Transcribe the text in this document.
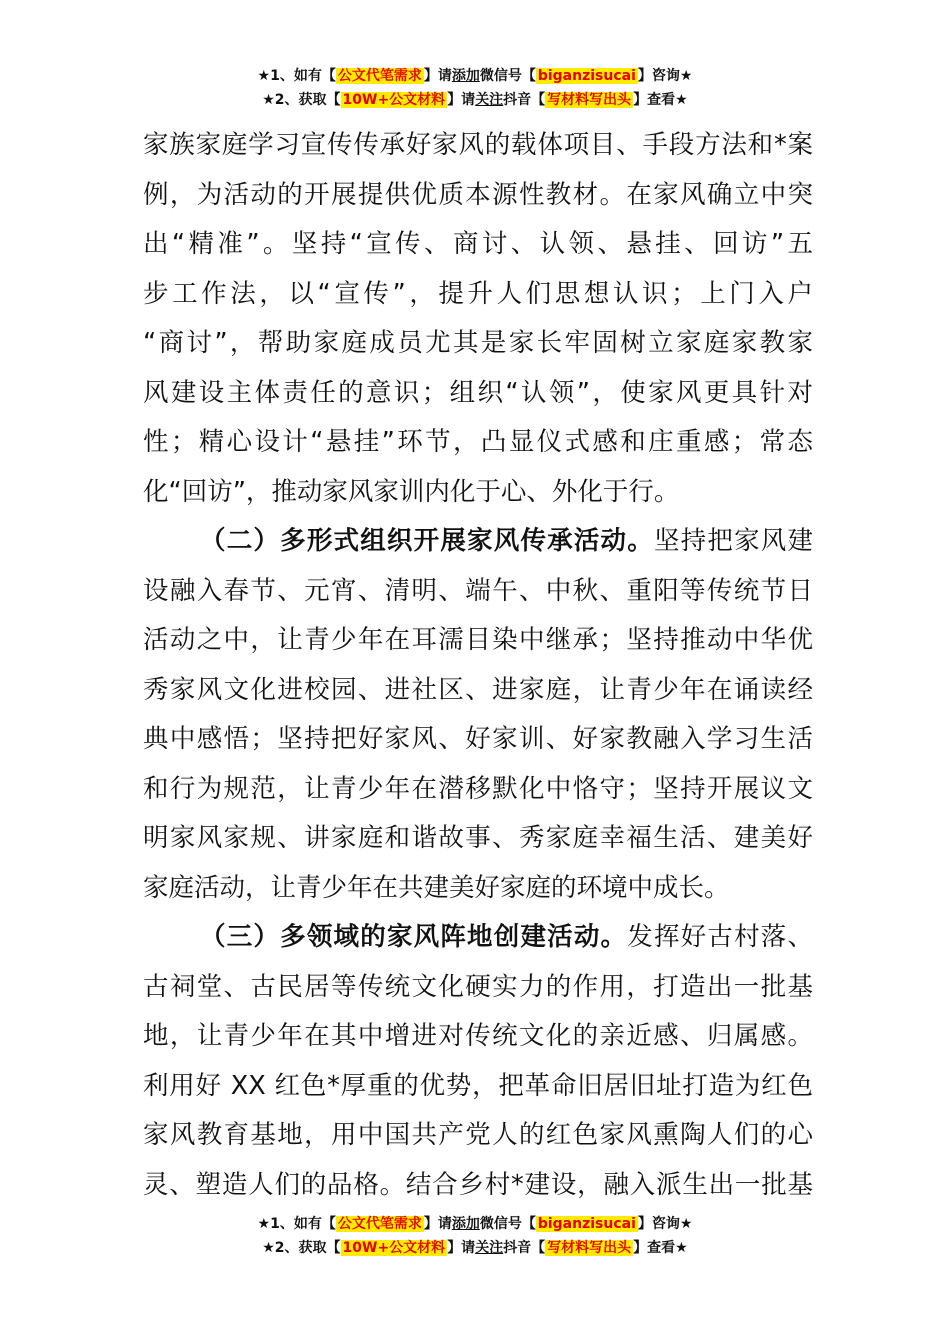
★1、如有【 公文代笔需求 】请添加微信号【 biganzisucai 】咨询★
★2、获取【 10W+公文材料 】请关注抖音【 写材料写出头 】查看★
家族家庭学习宣传传承好家风的载体项目、手段方法和*案
例，为活动的开展提供优质本源性教材。在家风确立中突
出“精准”。坚持“宣传、商讨、认领、悬挂、回访”五
步工作法，以“宣传”，提升人们思想认识；上门入户
“商讨”，帮助家庭成员尤其是家长牢固树立家庭家教家
风建设主体责任的意识；组织“认领”，使家风更具针对
性；精心设计“悬挂”环节，凸显仪式感和庄重感；常态
化“回访”，推动家风家训内化于心、外化于行。
（二）多形式组织开展家风传承活动。坚持把家风建
设融入春节、元宵、清明、端午、中秋、重阳等传统节日
活动之中，让青少年在耳濡目染中继承；坚持推动中华优
秀家风文化进校园、进社区、进家庭，让青少年在诵读经
典中感悟；坚持把好家风、好家训、好家教融入学习生活
和行为规范，让青少年在潜移默化中恪守；坚持开展议文
明家风家规、讲家庭和谐故事、秀家庭幸福生活、建美好
家庭活动，让青少年在共建美好家庭的环境中成长。
（三）多领域的家风阵地创建活动。发挥好古村落、
古祠堂、古民居等传统文化硬实力的作用，打造出一批基
地，让青少年在其中增进对传统文化的亲近感、归属感。
利用好 XX 红色*厚重的优势，把革命旧居旧址打造为红色
家风教育基地，用中国共产党人的红色家风熏陶人们的心
灵、塑造人们的品格。结合乡村*建设，融入派生出一批基
★1、如有【 公文代笔需求 】请添加微信号【 biganzisucai 】咨询★
★2、获取【 10W+公文材料 】请关注抖音【 写材料写出头 】查看★
